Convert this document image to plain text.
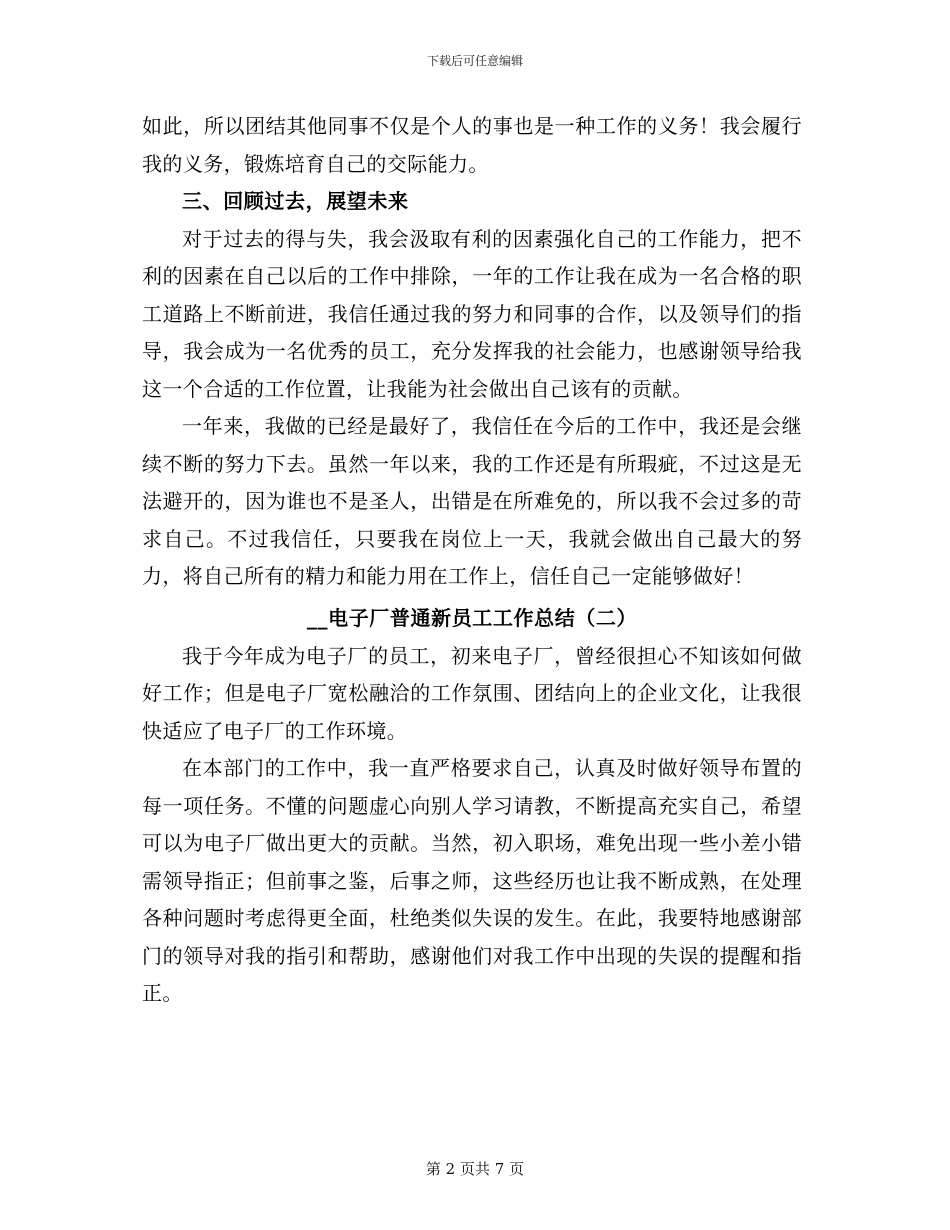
下载后可任意编辑

如此，所以团结其他同事不仅是个人的事也是一种工作的义务！我会履行我的义务，锻炼培育自己的交际能力。

三、回顾过去，展望未来

对于过去的得与失，我会汲取有利的因素强化自己的工作能力，把不利的因素在自己以后的工作中排除，一年的工作让我在成为一名合格的职工道路上不断前进，我信任通过我的努力和同事的合作，以及领导们的指导，我会成为一名优秀的员工，充分发挥我的社会能力，也感谢领导给我这一个合适的工作位置，让我能为社会做出自己该有的贡献。

一年来，我做的已经是最好了，我信任在今后的工作中，我还是会继续不断的努力下去。虽然一年以来，我的工作还是有所瑕疵，不过这是无法避开的，因为谁也不是圣人，出错是在所难免的，所以我不会过多的苛求自己。不过我信任，只要我在岗位上一天，我就会做出自己最大的努力，将自己所有的精力和能力用在工作上，信任自己一定能够做好！

__电子厂普通新员工工作总结（二）

我于今年成为电子厂的员工，初来电子厂，曾经很担心不知该如何做好工作；但是电子厂宽松融洽的工作氛围、团结向上的企业文化，让我很快适应了电子厂的工作环境。

在本部门的工作中，我一直严格要求自己，认真及时做好领导布置的每一项任务。不懂的问题虚心向别人学习请教，不断提高充实自己，希望可以为电子厂做出更大的贡献。当然，初入职场，难免出现一些小差小错需领导指正；但前事之鉴，后事之师，这些经历也让我不断成熟，在处理各种问题时考虑得更全面，杜绝类似失误的发生。在此，我要特地感谢部门的领导对我的指引和帮助，感谢他们对我工作中出现的失误的提醒和指正。

第 2 页共 7 页
